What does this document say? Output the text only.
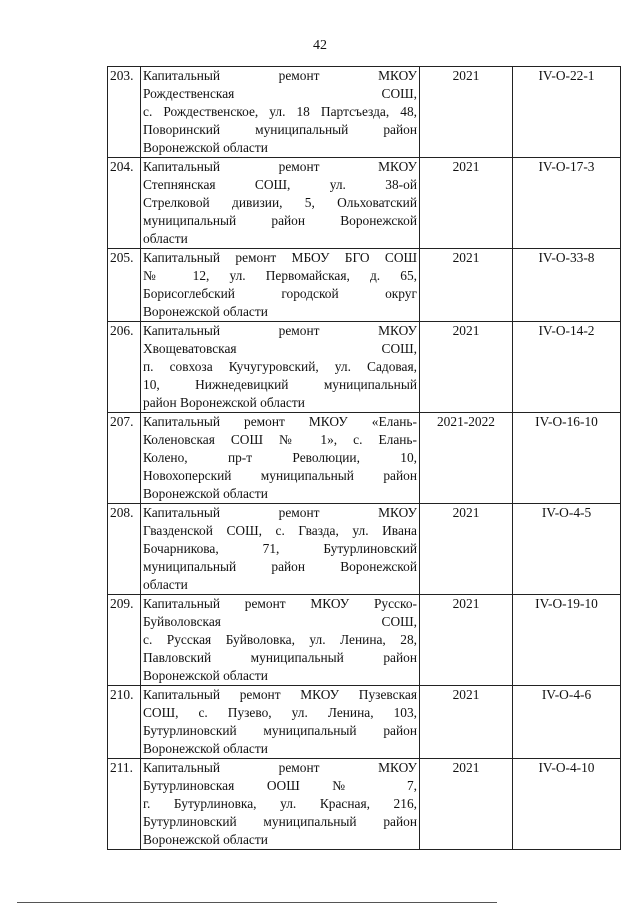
42
203.	Капитальный ремонт МКОУ
Рождественская СОШ,
с. Рождественское, ул. 18 Партсъезда, 48,
Поворинский муниципальный район
Воронежской области	2021	IV-O-22-1
204.	Капитальный ремонт МКОУ
Степнянская СОШ, ул. 38-ой
Стрелковой дивизии, 5, Ольховатский
муниципальный район Воронежской
области	2021	IV-O-17-3
205.	Капитальный ремонт МБОУ БГО СОШ
№ 12, ул. Первомайская, д. 65,
Борисоглебский городской округ
Воронежской области	2021	IV-O-33-8
206.	Капитальный ремонт МКОУ
Хвощеватовская СОШ,
п. совхоза Кучугуровский, ул. Садовая,
10, Нижнедевицкий муниципальный
район Воронежской области	2021	IV-O-14-2
207.	Капитальный ремонт МКОУ «Елань-
Коленовская СОШ № 1», с. Елань-
Колено, пр-т Революции, 10,
Новохоперский муниципальный район
Воронежской области	2021-2022	IV-O-16-10
208.	Капитальный ремонт МКОУ
Гвазденской СОШ, с. Гвазда, ул. Ивана
Бочарникова, 71, Бутурлиновский
муниципальный район Воронежской
области	2021	IV-O-4-5
209.	Капитальный ремонт МКОУ Русско-
Буйволовская СОШ,
с. Русская Буйволовка, ул. Ленина, 28,
Павловский муниципальный район
Воронежской области	2021	IV-O-19-10
210.	Капитальный ремонт МКОУ Пузевская
СОШ, с. Пузево, ул. Ленина, 103,
Бутурлиновский муниципальный район
Воронежской области	2021	IV-O-4-6
211.	Капитальный ремонт МКОУ
Бутурлиновская ООШ № 7,
г. Бутурлиновка, ул. Красная, 216,
Бутурлиновский муниципальный район
Воронежской области	2021	IV-O-4-10
